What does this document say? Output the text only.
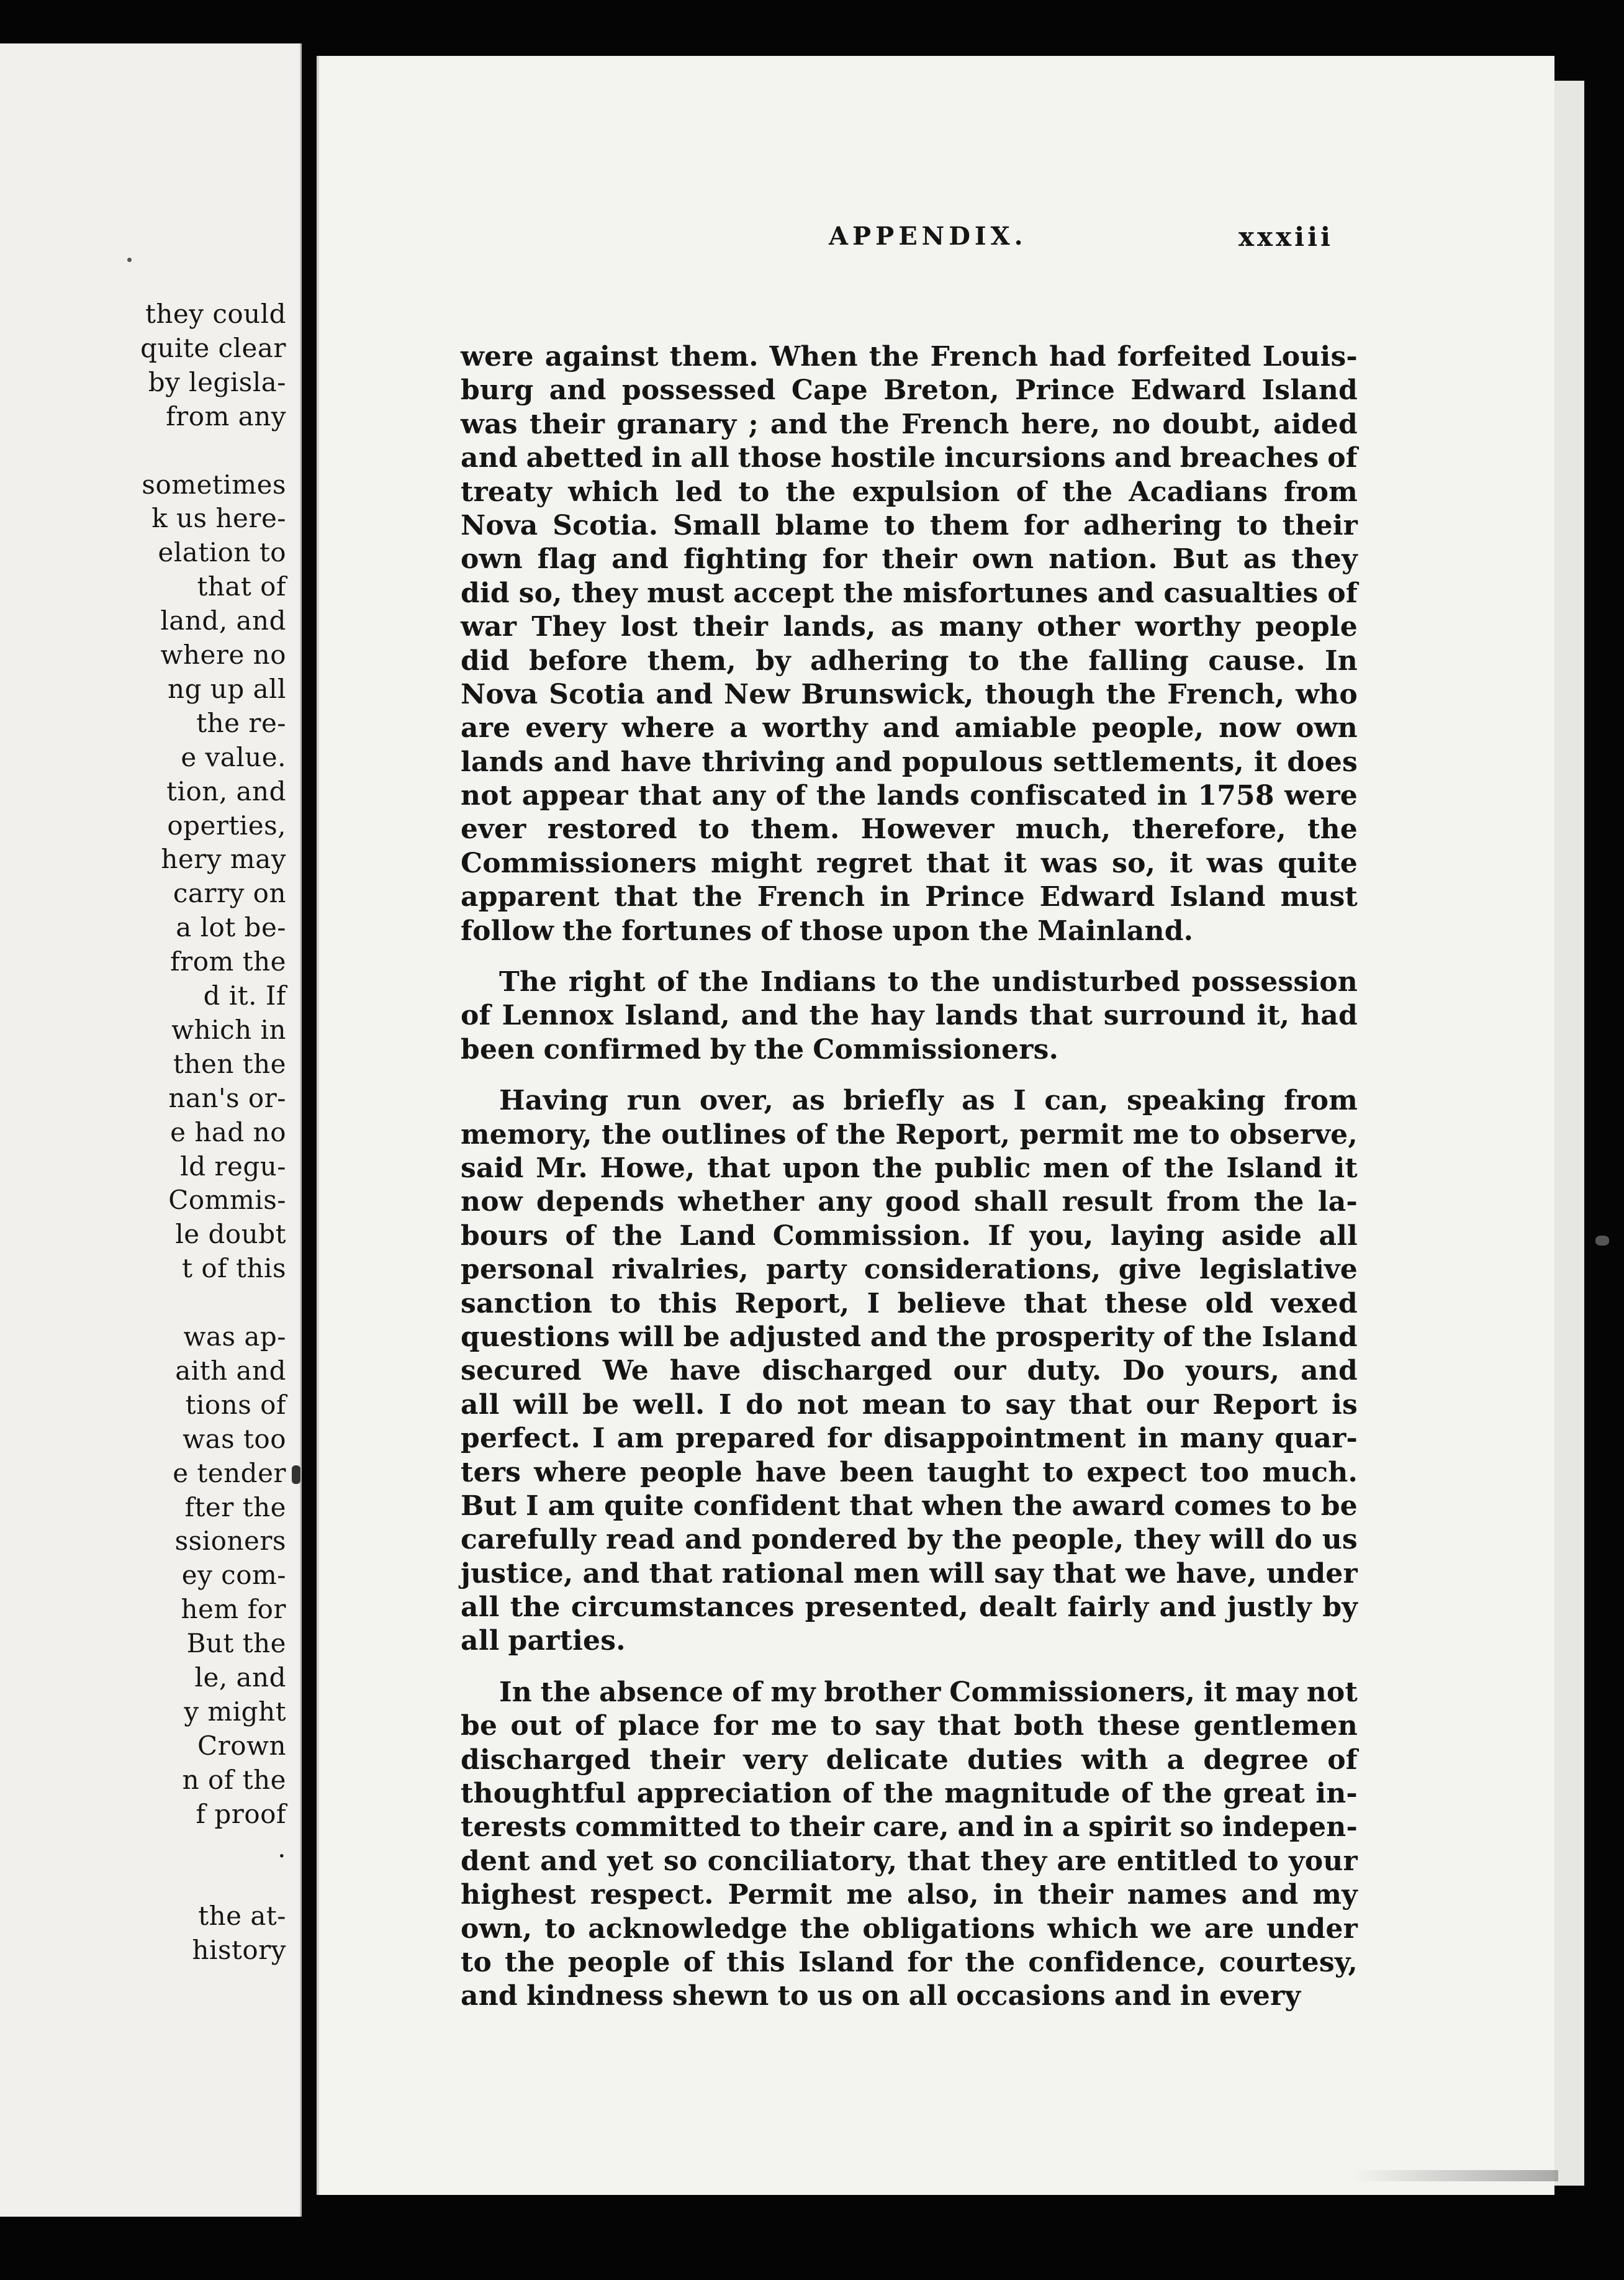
they could
quite clear
by legisla-
from any
sometimes
k us here-
elation to
that of
land, and
where no
ng up all
the re-
e value.
tion, and
operties,
hery may
carry on
a lot be-
from the
d it. If
which in
then the
nan's or-
e had no
ld regu-
Commis-
le doubt
t of this
was ap-
aith and
tions of
was too
e tender
fter the
ssioners
ey com-
hem for
But the
le, and
y might
Crown
n of the
f proof
.
the at-
history
APPENDIX.	xxxiii
were against them. When the French had forfeited Louis-
burg and possessed Cape Breton, Prince Edward Island
was their granary ; and the French here, no doubt, aided
and abetted in all those hostile incursions and breaches of
treaty which led to the expulsion of the Acadians from
Nova Scotia. Small blame to them for adhering to their
own flag and fighting for their own nation. But as they
did so, they must accept the misfortunes and casualties of
war They lost their lands, as many other worthy people
did before them, by adhering to the falling cause. In
Nova Scotia and New Brunswick, though the French, who
are every where a worthy and amiable people, now own
lands and have thriving and populous settlements, it does
not appear that any of the lands confiscated in 1758 were
ever restored to them. However much, therefore, the
Commissioners might regret that it was so, it was quite
apparent that the French in Prince Edward Island must
follow the fortunes of those upon the Mainland.
The right of the Indians to the undisturbed possession
of Lennox Island, and the hay lands that surround it, had
been confirmed by the Commissioners.
Having run over, as briefly as I can, speaking from
memory, the outlines of the Report, permit me to observe,
said Mr. Howe, that upon the public men of the Island it
now depends whether any good shall result from the la-
bours of the Land Commission. If you, laying aside all
personal rivalries, party considerations, give legislative
sanction to this Report, I believe that these old vexed
questions will be adjusted and the prosperity of the Island
secured We have discharged our duty. Do yours, and
all will be well. I do not mean to say that our Report is
perfect. I am prepared for disappointment in many quar-
ters where people have been taught to expect too much.
But I am quite confident that when the award comes to be
carefully read and pondered by the people, they will do us
justice, and that rational men will say that we have, under
all the circumstances presented, dealt fairly and justly by
all parties.
In the absence of my brother Commissioners, it may not
be out of place for me to say that both these gentlemen
discharged their very delicate duties with a degree of
thoughtful appreciation of the magnitude of the great in-
terests committed to their care, and in a spirit so indepen-
dent and yet so conciliatory, that they are entitled to your
highest respect. Permit me also, in their names and my
own, to acknowledge the obligations which we are under
to the people of this Island for the confidence, courtesy,
and kindness shewn to us on all occasions and in every
